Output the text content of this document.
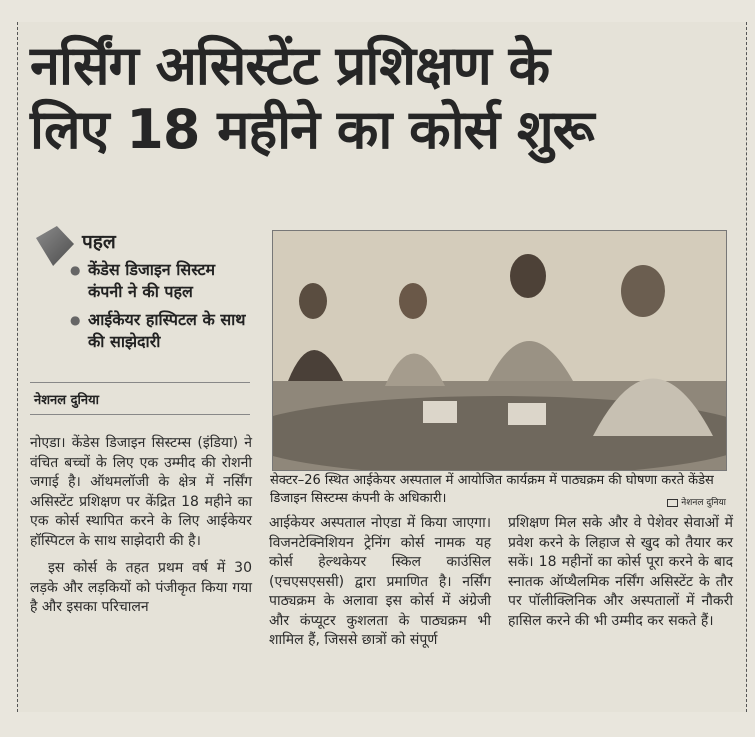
नर्सिंग असिस्टेंट प्रशिक्षण के
लिए 18 महीने का कोर्स शुरू
पहल
● केंडेस डिजाइन सिस्टम कंपनी ने की पहल
● आईकेयर हास्पिटल के साथ की साझेदारी
नेशनल दुनिया
सेक्टर–26 स्थित आईकेयर अस्पताल में आयोजित कार्यक्रम में पाठ्यक्रम की घोषणा करते केंडेस डिजाइन सिस्टम्स कंपनी के अधिकारी।	नेशनल दुनिया

नोएडा। केंडेस डिजाइन सिस्टम्स (इंडिया) ने वंचित बच्चों के लिए एक उम्मीद की रोशनी जगाई है। ऑथमलॉजी के क्षेत्र में नर्सिंग असिस्टेंट प्रशिक्षण पर केंद्रित 18 महीने का एक कोर्स स्थापित करने के लिए आईकेयर हॉस्पिटल के साथ साझेदारी की है।

इस कोर्स के तहत प्रथम वर्ष में 30 लड़के और लड़कियों को पंजीकृत किया गया है और इसका परिचालन

आईकेयर अस्पताल नोएडा में किया जाएगा। विजनटेक्निशियन ट्रेनिंग कोर्स नामक यह कोर्स हेल्थकेयर स्किल काउंसिल (एचएसएससी) द्वारा प्रमाणित है। नर्सिंग पाठ्यक्रम के अलावा इस कोर्स में अंग्रेजी और कंप्यूटर कुशलता के पाठ्यक्रम भी शामिल हैं, जिससे छात्रों को संपूर्ण

प्रशिक्षण मिल सके और वे पेशेवर सेवाओं में प्रवेश करने के लिहाज से खुद को तैयार कर सकें। 18 महीनों का कोर्स पूरा करने के बाद स्नातक ऑप्थैलमिक नर्सिंग असिस्टेंट के तौर पर पॉलीक्लिनिक और अस्पतालों में नौकरी हासिल करने की भी उम्मीद कर सकते हैं।
